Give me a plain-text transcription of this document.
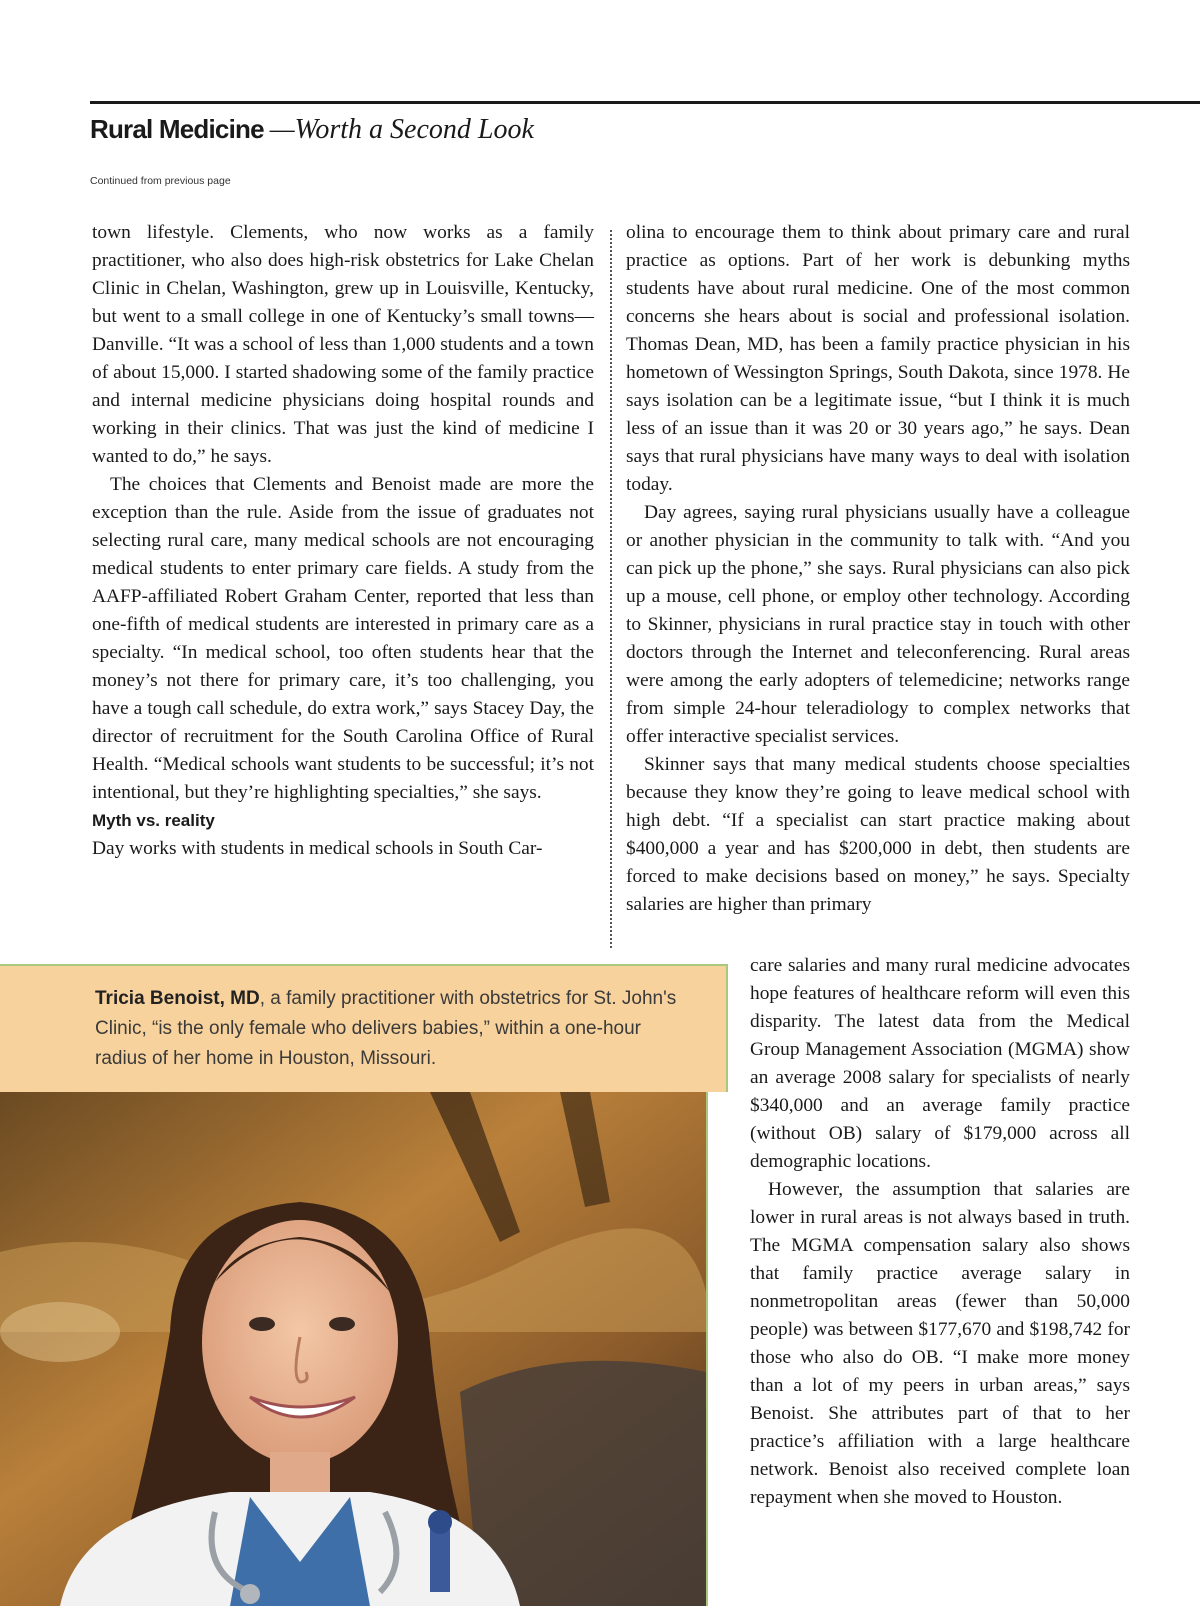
Rural Medicine —Worth a Second Look
Continued from previous page

town lifestyle. Clements, who now works as a family practitioner, who also does high-risk obstetrics for Lake Chelan Clinic in Chelan, Washington, grew up in Louisville, Kentucky, but went to a small college in one of Kentucky’s small towns—Danville. “It was a school of less than 1,000 students and a town of about 15,000. I started shadowing some of the family practice and internal medicine physicians doing hospital rounds and working in their clinics. That was just the kind of medicine I wanted to do,” he says.

The choices that Clements and Benoist made are more the exception than the rule. Aside from the issue of graduates not selecting rural care, many medical schools are not encouraging medical students to enter primary care fields. A study from the AAFP-affiliated Robert Graham Center, reported that less than one-fifth of medical students are interested in primary care as a specialty. “In medical school, too often students hear that the money’s not there for primary care, it’s too challenging, you have a tough call schedule, do extra work,” says Stacey Day, the director of recruitment for the South Carolina Office of Rural Health. “Medical schools want students to be successful; it’s not intentional, but they’re highlighting specialties,” she says.

Myth vs. reality

Day works with students in medical schools in South Car-

olina to encourage them to think about primary care and rural practice as options. Part of her work is debunking myths students have about rural medicine. One of the most common concerns she hears about is social and professional isolation. Thomas Dean, MD, has been a family practice physician in his hometown of Wessington Springs, South Dakota, since 1978. He says isolation can be a legitimate issue, “but I think it is much less of an issue than it was 20 or 30 years ago,” he says. Dean says that rural physicians have many ways to deal with isolation today.

Day agrees, saying rural physicians usually have a colleague or another physician in the community to talk with. “And you can pick up the phone,” she says. Rural physicians can also pick up a mouse, cell phone, or employ other technology. According to Skinner, physicians in rural practice stay in touch with other doctors through the Internet and teleconferencing. Rural areas were among the early adopters of telemedicine; networks range from simple 24-hour teleradiology to complex networks that offer interactive specialist services.

Skinner says that many medical students choose specialties because they know they’re going to leave medical school with high debt. “If a specialist can start practice making about $400,000 a year and has $200,000 in debt, then students are forced to make decisions based on money,” he says. Specialty salaries are higher than primary

care salaries and many rural medicine advocates hope features of healthcare reform will even this disparity. The latest data from the Medical Group Management Association (MGMA) show an average 2008 salary for specialists of nearly $340,000 and an average family practice (without OB) salary of $179,000 across all demographic locations.

However, the assumption that salaries are lower in rural areas is not always based in truth. The MGMA compensation salary also shows that family practice average salary in nonmetropolitan areas (fewer than 50,000 people) was between $177,670 and $198,742 for those who also do OB. “I make more money than a lot of my peers in urban areas,” says Benoist. She attributes part of that to her practice’s affiliation with a large healthcare network. Benoist also received complete loan repayment when she moved to Houston.

Tricia Benoist, MD, a family practitioner with obstetrics for St. John's Clinic, “is the only female who delivers babies,” within a one-hour radius of her home in Houston, Missouri.
